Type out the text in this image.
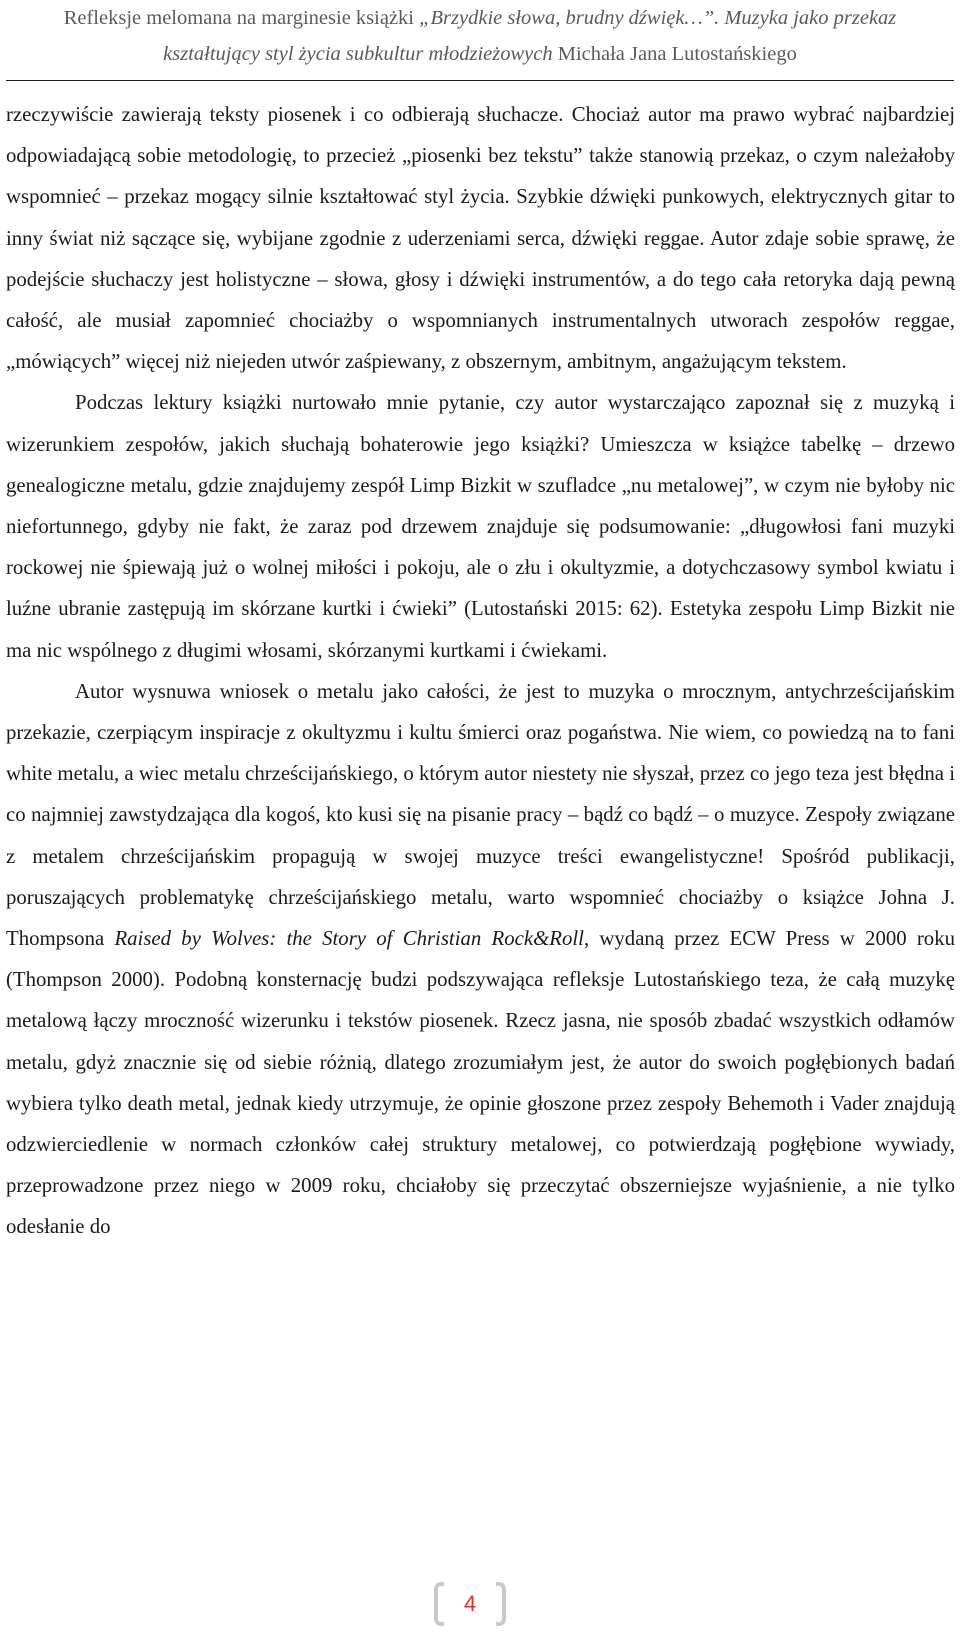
Refleksje melomana na marginesie książki „Brzydkie słowa, brudny dźwięk…”. Muzyka jako przekaz
kształtujący styl życia subkultur młodzieżowych Michała Jana Lutostańskiego

rzeczywiście zawierają teksty piosenek i co odbierają słuchacze. Chociaż autor ma prawo wybrać najbardziej odpowiadającą sobie metodologię, to przecież „piosenki bez tekstu” także stanowią przekaz, o czym należałoby wspomnieć – przekaz mogący silnie kształtować styl życia. Szybkie dźwięki punkowych, elektrycznych gitar to inny świat niż sączące się, wybijane zgodnie z uderzeniami serca, dźwięki reggae. Autor zdaje sobie sprawę, że podejście słuchaczy jest holistyczne – słowa, głosy i dźwięki instrumentów, a do tego cała retoryka dają pewną całość, ale musiał zapomnieć chociażby o wspomnianych instrumentalnych utworach zespołów reggae, „mówiących” więcej niż niejeden utwór zaśpiewany, z obszernym, ambitnym, angażującym tekstem.

Podczas lektury książki nurtowało mnie pytanie, czy autor wystarczająco zapoznał się z muzyką i wizerunkiem zespołów, jakich słuchają bohaterowie jego książki? Umieszcza w książce tabelkę – drzewo genealogiczne metalu, gdzie znajdujemy zespół Limp Bizkit w szufladce „nu metalowej”, w czym nie byłoby nic niefortunnego, gdyby nie fakt, że zaraz pod drzewem znajduje się podsumowanie: „długowłosi fani muzyki rockowej nie śpiewają już o wolnej miłości i pokoju, ale o złu i okultyzmie, a dotychczasowy symbol kwiatu i luźne ubranie zastępują im skórzane kurtki i ćwieki” (Lutostański 2015: 62). Estetyka zespołu Limp Bizkit nie ma nic wspólnego z długimi włosami, skórzanymi kurtkami i ćwiekami.

Autor wysnuwa wniosek o metalu jako całości, że jest to muzyka o mrocznym, antychrześcijańskim przekazie, czerpiącym inspiracje z okultyzmu i kultu śmierci oraz pogaństwa. Nie wiem, co powiedzą na to fani white metalu, a wiec metalu chrześcijańskiego, o którym autor niestety nie słyszał, przez co jego teza jest błędna i co najmniej zawstydzająca dla kogoś, kto kusi się na pisanie pracy – bądź co bądź – o muzyce. Zespoły związane z metalem chrześcijańskim propagują w swojej muzyce treści ewangelistyczne! Spośród publikacji, poruszających problematykę chrześcijańskiego metalu, warto wspomnieć chociażby o książce Johna J. Thompsona Raised by Wolves: the Story of Christian Rock&Roll, wydaną przez ECW Press w 2000 roku (Thompson 2000). Podobną konsternację budzi podszywająca refleksje Lutostańskiego teza, że całą muzykę metalową łączy mroczność wizerunku i tekstów piosenek. Rzecz jasna, nie sposób zbadać wszystkich odłamów metalu, gdyż znacznie się od siebie różnią, dlatego zrozumiałym jest, że autor do swoich pogłębionych badań wybiera tylko death metal, jednak kiedy utrzymuje, że opinie głoszone przez zespoły Behemoth i Vader znajdują odzwierciedlenie w normach członków całej struktury metalowej, co potwierdzają pogłębione wywiady, przeprowadzone przez niego w 2009 roku, chciałoby się przeczytać obszerniejsze wyjaśnienie, a nie tylko odesłanie do

4
